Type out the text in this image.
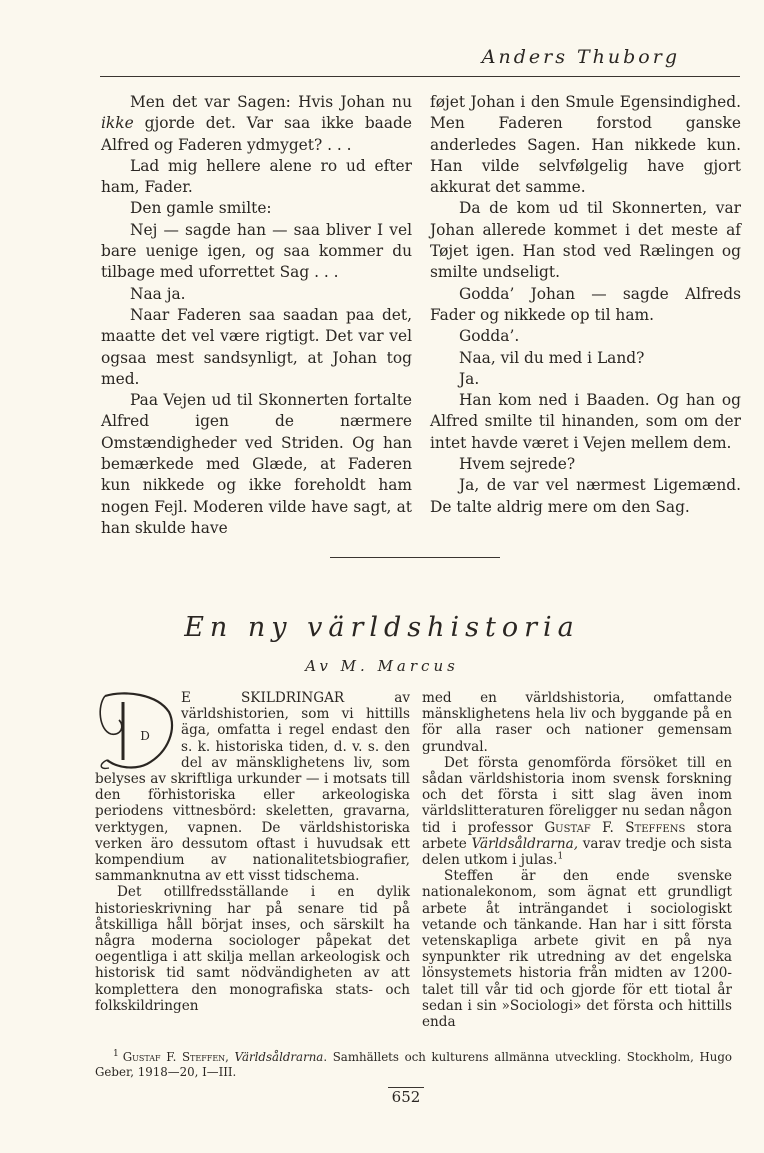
Anders Thuborg

Men det var Sagen: Hvis Johan nu ikke gjorde det. Var saa ikke baade Alfred og Faderen ydmyget? . . .

Lad mig hellere alene ro ud efter ham, Fader.

Den gamle smilte:

Nej — sagde han — saa bliver I vel bare uenige igen, og saa kommer du tilbage med uforrettet Sag . . .

Naa ja.

Naar Faderen saa saadan paa det, maatte det vel være rigtigt. Det var vel ogsaa mest sandsynligt, at Johan tog med.

Paa Vejen ud til Skonnerten fortalte Alfred igen de nærmere Omstændigheder ved Striden. Og han bemærkede med Glæde, at Faderen kun nikkede og ikke foreholdt ham nogen Fejl. Moderen vilde have sagt, at han skulde have

føjet Johan i den Smule Egensindighed. Men Faderen forstod ganske anderledes Sagen. Han nikkede kun. Han vilde selvfølgelig have gjort akkurat det samme.

Da de kom ud til Skonnerten, var Johan allerede kommet i det meste af Tøjet igen. Han stod ved Rælingen og smilte undseligt.

Godda’ Johan — sagde Alfreds Fader og nikkede op til ham.

Godda’.

Naa, vil du med i Land?

Ja.

Han kom ned i Baaden. Og han og Alfred smilte til hinanden, som om der intet havde været i Vejen mellem dem.

Hvem sejrede?

Ja, de var vel nærmest Ligemænd. De talte aldrig mere om den Sag.

En ny världshistoria
Av M. Marcus
D

E SKILDRINGAR av världshistorien, som vi hittills äga, omfatta i regel endast den s. k. historiska tiden, d. v. s. den del av mänsklighetens liv, som belyses av skriftliga urkunder — i motsats till den förhistoriska eller arkeologiska periodens vittnesbörd: skeletten, gravarna, verktygen, vapnen. De världshistoriska verken äro dessutom oftast i huvudsak ett kompendium av nationalitetsbiografier, sammanknutna av ett visst tidschema.

Det otillfredsställande i en dylik historieskrivning har på senare tid på åtskilliga håll börjat inses, och särskilt ha några moderna sociologer påpekat det oegentliga i att skilja mellan arkeologisk och historisk tid samt nödvändigheten av att komplettera den monografiska stats- och folkskildringen

med en världshistoria, omfattande mänsklighetens hela liv och byggande på en för alla raser och nationer gemensam grundval.

Det första genomförda försöket till en sådan världshistoria inom svensk forskning och det första i sitt slag även inom världslitteraturen föreligger nu sedan någon tid i professor Gustaf F. Steffens stora arbete Världsåldrarna, varav tredje och sista delen utkom i julas.$^1$

Steffen är den ende svenske nationalekonom, som ägnat ett grundligt arbete åt inträngandet i sociologiskt vetande och tänkande. Han har i sitt första vetenskapliga arbete givit en på nya synpunkter rik utredning av det engelska lönsystemets historia från midten av 1200-talet till vår tid och gjorde för ett tiotal år sedan i sin »Sociologi» det första och hittills enda

$^1$ Gustaf F. Steffen, Världsåldrarna. Samhällets och kulturens allmänna utveckling. Stockholm, Hugo Geber, 1918—20, I—III.
652
